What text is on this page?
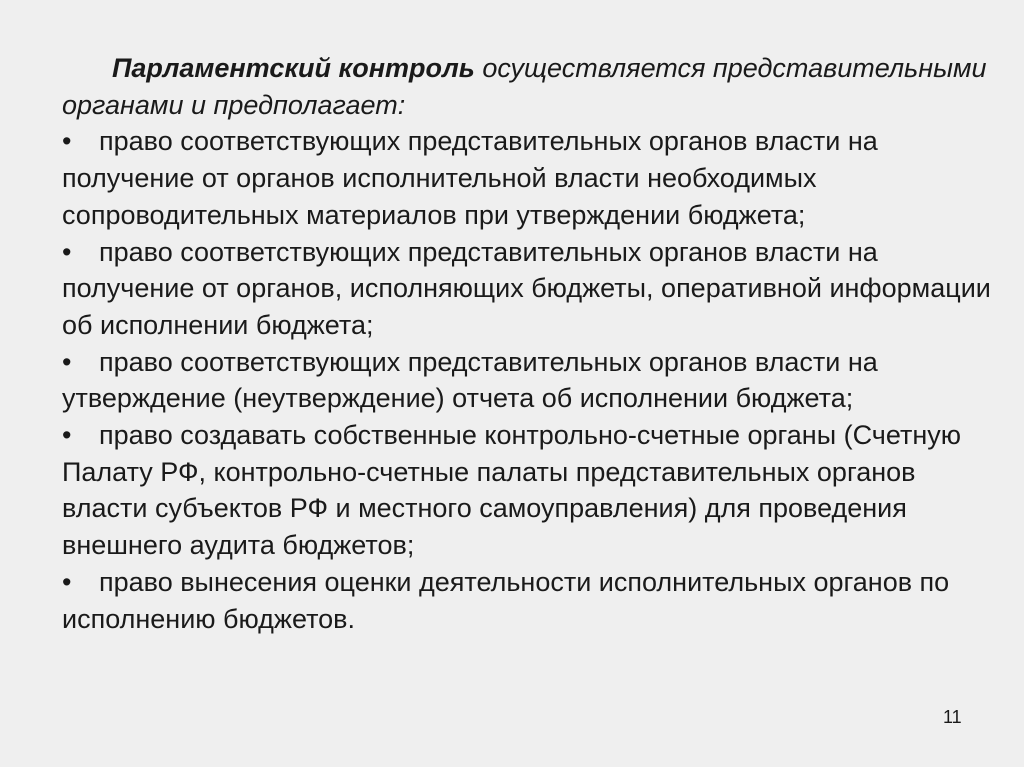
Парламентский контроль осуществляется представительными органами и предполагает:

• право соответствующих представительных органов власти на получение от органов исполнительной власти необходимых сопроводительных материалов при утверждении бюджета;
• право соответствующих представительных органов власти на получение от органов, исполняющих бюджеты, оперативной информации об исполнении бюджета;
• право соответствующих представительных органов власти на утверждение (неутверждение) отчета об исполнении бюджета;
• право создавать собственные контрольно-счетные органы (Счетную Палату РФ, контрольно-счетные палаты представительных органов власти субъектов РФ и местного самоуправления) для проведения внешнего аудита бюджетов;
• право вынесения оценки деятельности исполнительных органов по исполнению бюджетов.
11
